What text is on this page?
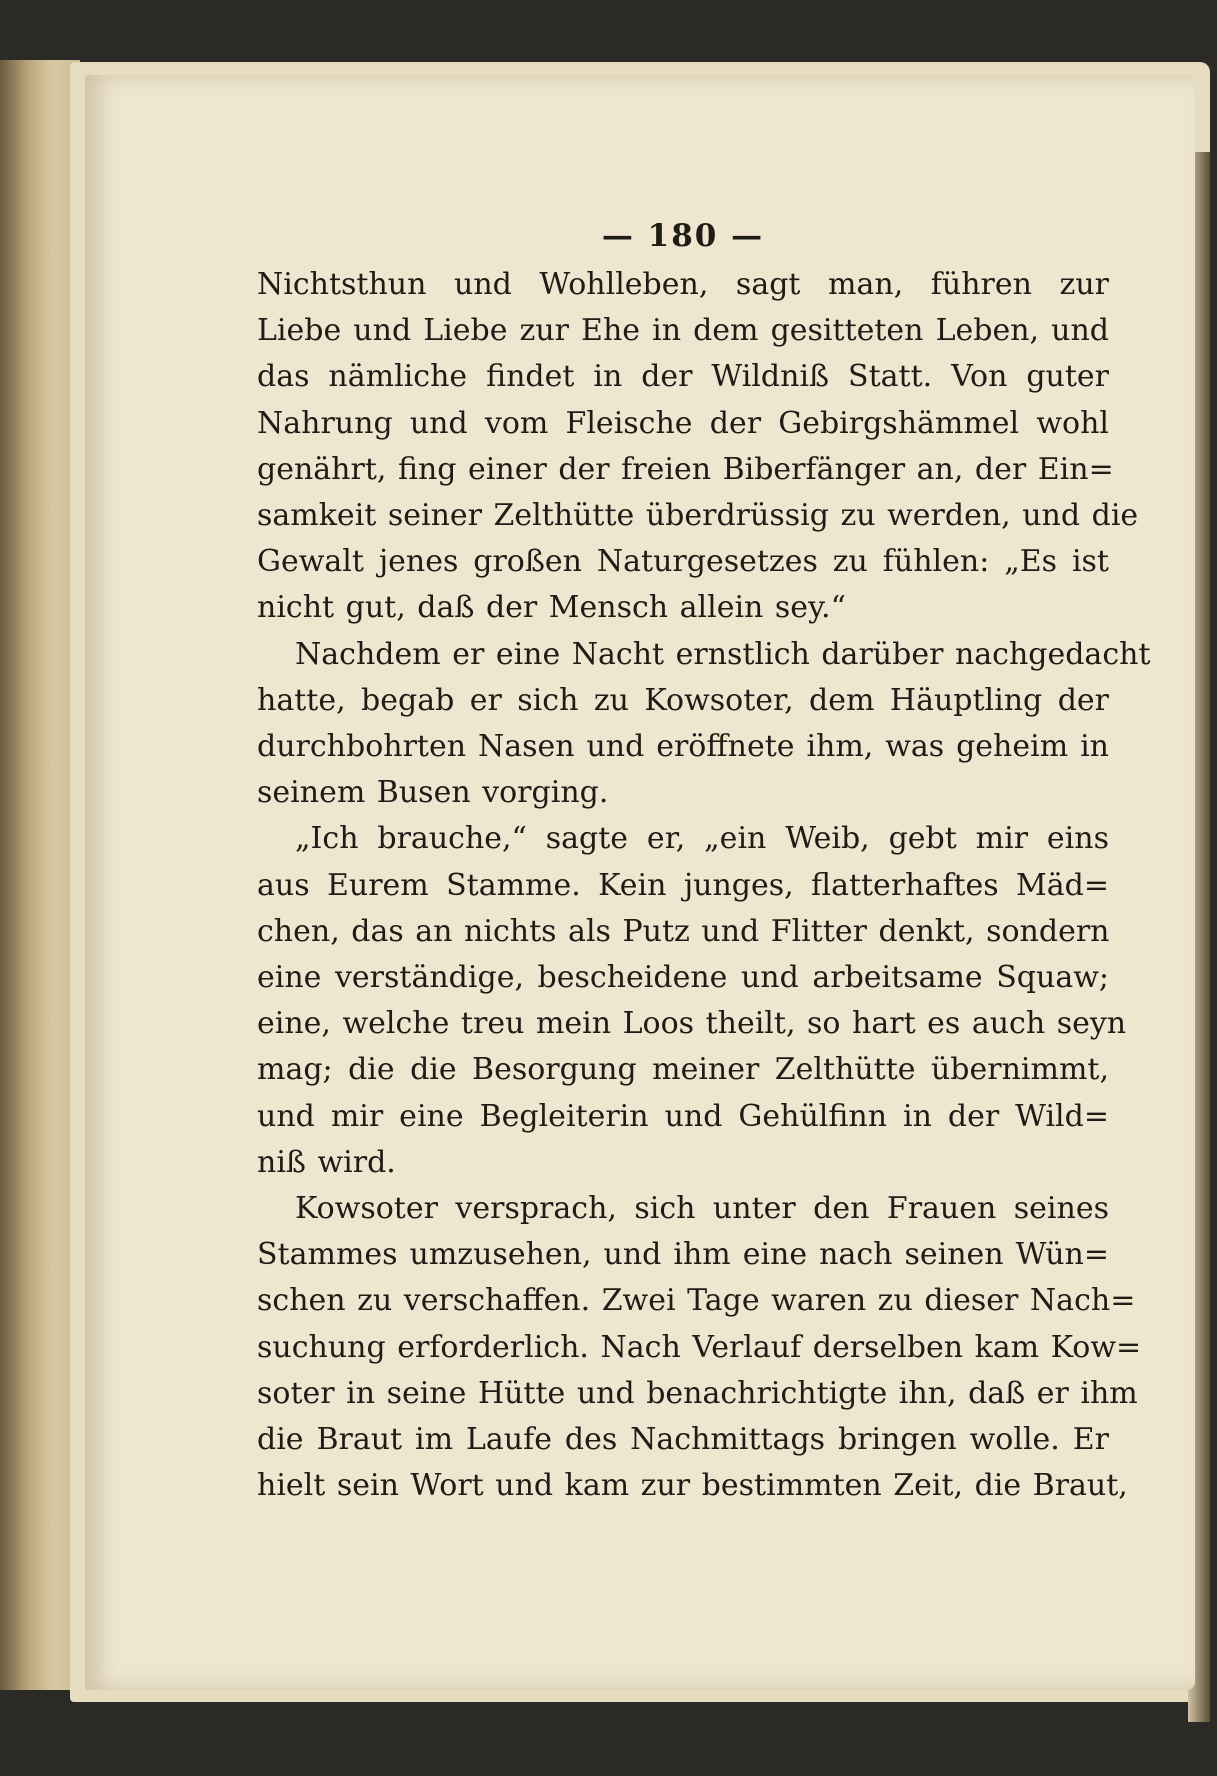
— 180 —

Nichtsthun und Wohlleben, sagt man, führen zur
Liebe und Liebe zur Ehe in dem gesitteten Leben, und
das nämliche findet in der Wildniß Statt. Von guter
Nahrung und vom Fleische der Gebirgshämmel wohl
genährt, fing einer der freien Biberfänger an, der Ein=
samkeit seiner Zelthütte überdrüssig zu werden, und die
Gewalt jenes großen Naturgesetzes zu fühlen: „Es ist
nicht gut, daß der Mensch allein sey.“

Nachdem er eine Nacht ernstlich darüber nachgedacht
hatte, begab er sich zu Kowsoter, dem Häuptling der
durchbohrten Nasen und eröffnete ihm, was geheim in
seinem Busen vorging.

„Ich brauche,“ sagte er, „ein Weib, gebt mir eins
aus Eurem Stamme. Kein junges, flatterhaftes Mäd=
chen, das an nichts als Putz und Flitter denkt, sondern
eine verständige, bescheidene und arbeitsame Squaw;
eine, welche treu mein Loos theilt, so hart es auch seyn
mag; die die Besorgung meiner Zelthütte übernimmt,
und mir eine Begleiterin und Gehülfinn in der Wild=
niß wird.

Kowsoter versprach, sich unter den Frauen seines
Stammes umzusehen, und ihm eine nach seinen Wün=
schen zu verschaffen. Zwei Tage waren zu dieser Nach=
suchung erforderlich. Nach Verlauf derselben kam Kow=
soter in seine Hütte und benachrichtigte ihn, daß er ihm
die Braut im Laufe des Nachmittags bringen wolle. Er
hielt sein Wort und kam zur bestimmten Zeit, die Braut,
